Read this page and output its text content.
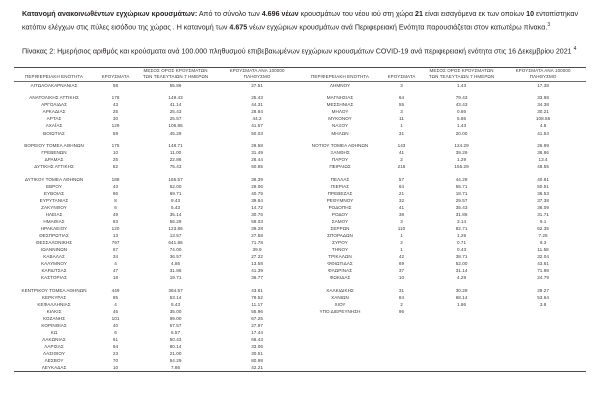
Κατανομή ανακοινωθέντων εγχώριων κρουσμάτων: Από το σύνολο των 4.696 νέων κρουσμάτων του νέου ιού στη χώρα 21 είναι εισαγόμενα εκ των οποίων 10 εντοπίστηκαν κατόπιν ελέγχων στις πύλες εισόδου της χώρας . Η κατανομή των 4.675 νέων εγχώριων κρουσμάτων ανά Περιφερειακή Ενότητα παρουσιάζεται στον κατωτέρω πίνακα.$^3$

Πίνακας 2: Ημερήσιος αριθμός και κρούσματα ανά 100.000 πληθυσμού επιβεβαιωμένων εγχώριων κρουσμάτων COVID-19 ανά περιφερειακή ενότητα στις 16 Δεκεμβρίου 2021 $^4$

ΠΕΡΙΦΕΡΕΙΑΚΗ ΕΝΟΤΗΤΑ	ΚΡΟΥΣΜΑΤΑ	ΜΕΣΟΣ ΟΡΟΣ ΚΡΟΥΣΜΑΤΩΝ
ΤΩΝ ΤΕΛΕΥΤΑΙΩΝ 7 ΗΜΕΡΩΝ	ΚΡΟΥΣΜΑΤΑ ΑΝΑ 100000
ΠΛΗΘΥΣΜΟ	ΠΕΡΙΦΕΡΕΙΑΚΗ ΕΝΟΤΗΤΑ	ΚΡΟΥΣΜΑΤΑ	ΜΕΣΟΣ ΟΡΟΣ ΚΡΟΥΣΜΑΤΩΝ
ΤΩΝ ΤΕΛΕΥΤΑΙΩΝ 7 ΗΜΕΡΩΝ	ΚΡΟΥΣΜΑΤΑ ΑΝΑ 100000
ΠΛΗΘΥΣΜΟ

ΑΙΤΩΛΟΑΚΑΡΝΑΝΙΑΣ	58	55.86	27.51	ΛΗΜΝΟΥ	3	1.43	17.38

ΑΝΑΤΟΛΙΚΗΣ ΑΤΤΙΚΗΣ	178	149.43	25.43	ΜΑΓΝΗΣΙΑΣ	64	79.43	33.68
ΑΡΓΟΛΙΔΑΣ	43	41.14	44.31	ΜΕΣΣΗΝΙΑΣ	55	43.43	34.38
ΑΡΚΑΔΙΑΣ	25	25.43	28.84	ΜΗΛΟΥ	3	0.86	30.21
ΑΡΤΑΣ	30	25.57	44.2	ΜΥΚΟΝΟΥ	11	5.86	108.55
ΑΧΑΪΑΣ	129	106.86	41.57	ΝΑΞΟΥ	1	1.43	4.8
ΒΟΙΩΤΙΑΣ	59	45.29	50.03	ΜΗΛΩΝ	31	20.00	41.53

ΒΟΡΕΙΟΥ ΤΟΜΕΑ ΑΘΗΝΩΝ	175	148.71	29.58	ΝΟΤΙΟΥ ΤΟΜΕΑ ΑΘΗΝΩΝ	143	124.29	26.99
ΓΡΕΒΕΝΩΝ	10	11.00	31.49	ΞΑΝΘΗΣ	41	39.29	36.86
ΔΡΑΜΑΣ	25	22.86	26.44	ΠΑΡΟΥ	2	1.29	13.4
ΔΥΤΙΚΗΣ ΑΤΤΙΚΗΣ	82	75.43	50.95	ΠΕΙΡΑΙΩΣ	218	155.29	48.55

ΔΥΤΙΚΟΥ ΤΟΜΕΑ ΑΘΗΝΩΝ	188	165.57	38.39	ΠΕΛΛΑΣ	57	44.29	40.81
ΕΒΡΟΥ	43	52.00	29.06	ΠΙΕΡΙΑΣ	64	55.71	50.51
ΕΥΒΟΙΑΣ	86	69.71	40.79	ΠΡΕΒΕΖΑΣ	21	18.71	36.53
ΕΥΡΥΤΑΝΙΑΣ	8	9.43	39.84	ΡΕΘΥΜΝΟΥ	32	29.57	37.38
ΖΑΚΥΝΘΟΥ	6	5.43	14.72	ΡΟΔΟΠΗΣ	41	35.43	36.09
ΗΛΕΙΑΣ	49	35.14	30.76	ΡΟΔΟΥ	38	31.86	31.71
ΗΜΑΘΙΑΣ	83	56.29	59.03	ΣΑΜΟΥ	3	3.14	9.1
ΗΡΑΚΛΕΙΟΥ	120	123.86	39.28	ΣΕΡΡΩΝ	110	82.71	62.35
ΘΕΣΠΡΩΤΙΑΣ	13	13.57	27.58	ΣΠΟΡΑΔΩΝ	1	1.29	7.25
ΘΕΣΣΑΛΟΝΙΚΗΣ	797	641.86	71.78	ΣΥΡΟΥ	2	0.71	9.3
ΙΩΑΝΝΙΝΩΝ	67	74.00	39.9	ΤΗΝΟΥ	1	0.43	11.58
ΚΑΒΑΛΑΣ	34	36.57	27.22	ΤΡΙΚΑΛΩΝ	42	38.71	32.04
ΚΑΛΥΜΝΟΥ	4	4.86	13.58	ΦΘΙΩΤΙΔΑΣ	69	52.00	43.61
ΚΑΡΔΙΤΣΑΣ	47	31.86	41.39	ΦΛΩΡΙΝΑΣ	37	31.14	71.98
ΚΑΣΤΟΡΙΑΣ	18	19.71	36.77	ΦΩΚΙΔΑΣ	10	4.29	24.79

ΚΕΝΤΡΙΚΟΥ ΤΟΜΕΑ ΑΘΗΝΩΝ	449	364.57	43.61	ΧΑΛΚΙΔΙΚΗΣ	31	30.29	29.27
ΚΕΡΚΥΡΑΣ	85	53.14	79.52	ΧΑΝΙΩΝ	84	68.14	53.64
ΚΕΦΑΛΛΗΝΙΑΣ	4	5.43	11.17	ΧΙΟΥ	2	1.86	3.8
ΚΙΛΚΙΣ	45	35.00	55.96	ΥΠΟ ΔΙΕΡΕΥΝΗΣΗ	96		
ΚΟΖΑΝΗΣ	101	99.00	67.25				
ΚΟΡΙΝΘΙΑΣ	40	57.57	27.97				
ΚΩ	6	6.57	17.44				
ΛΑΚΩΝΙΑΣ	61	50.43	68.43				
ΛΑΡΙΣΑΣ	94	80.14	33.06				
ΛΑΣΙΘΙΟΥ	23	21.00	30.51				
ΛΕΣΒΟΥ	70	54.29	80.98				
ΛΕΥΚΑΔΑΣ	10	7.86	42.21				
